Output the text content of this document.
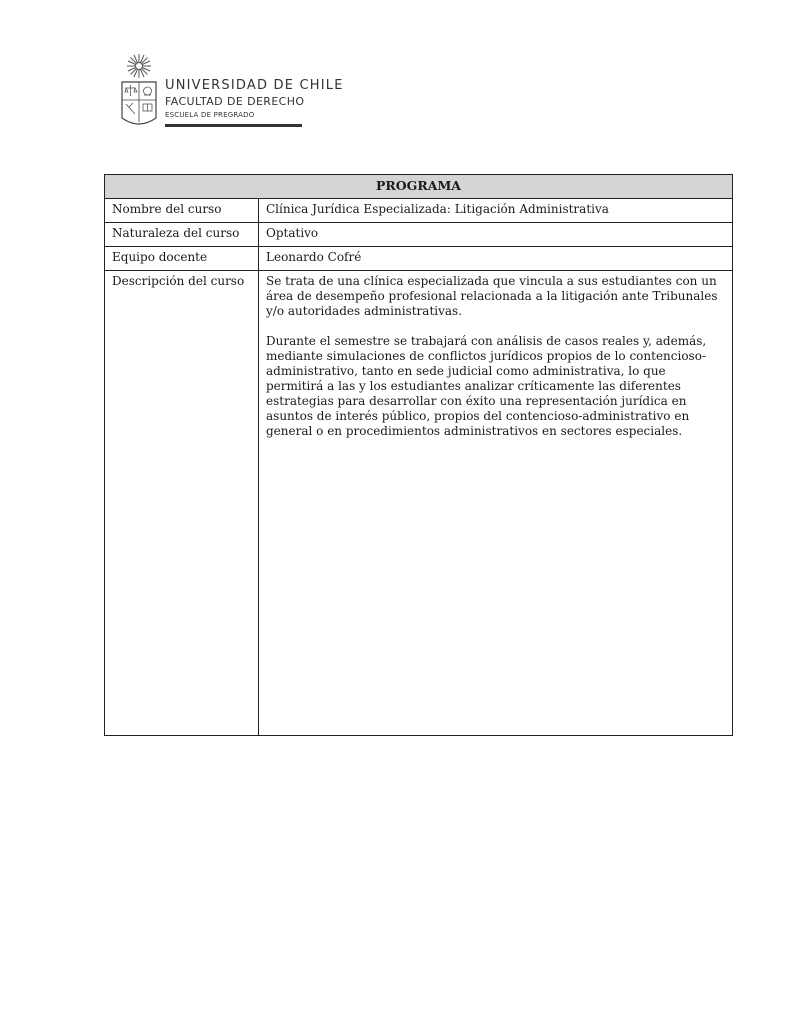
UNIVERSIDAD DE CHILE
FACULTAD DE DERECHO
ESCUELA DE PREGRADO
PROGRAMA	
Nombre del curso	Clínica Jurídica Especializada: Litigación Administrativa
Naturaleza del curso	Optativo
Equipo docente	Leonardo Cofré
Descripción del curso	Se trata de una clínica especializada que vincula a sus estudiantes con un área de desempeño profesional relacionada a la litigación ante Tribunales y/o autoridades administrativas.

Durante el semestre se trabajará con análisis de casos reales y, además, mediante simulaciones de conflictos jurídicos propios de lo contencioso-administrativo, tanto en sede judicial como administrativa, lo que permitirá a las y los estudiantes analizar críticamente las diferentes estrategias para desarrollar con éxito una representación jurídica en asuntos de interés público, propios del contencioso-administrativo en general o en procedimientos administrativos en sectores especiales.
